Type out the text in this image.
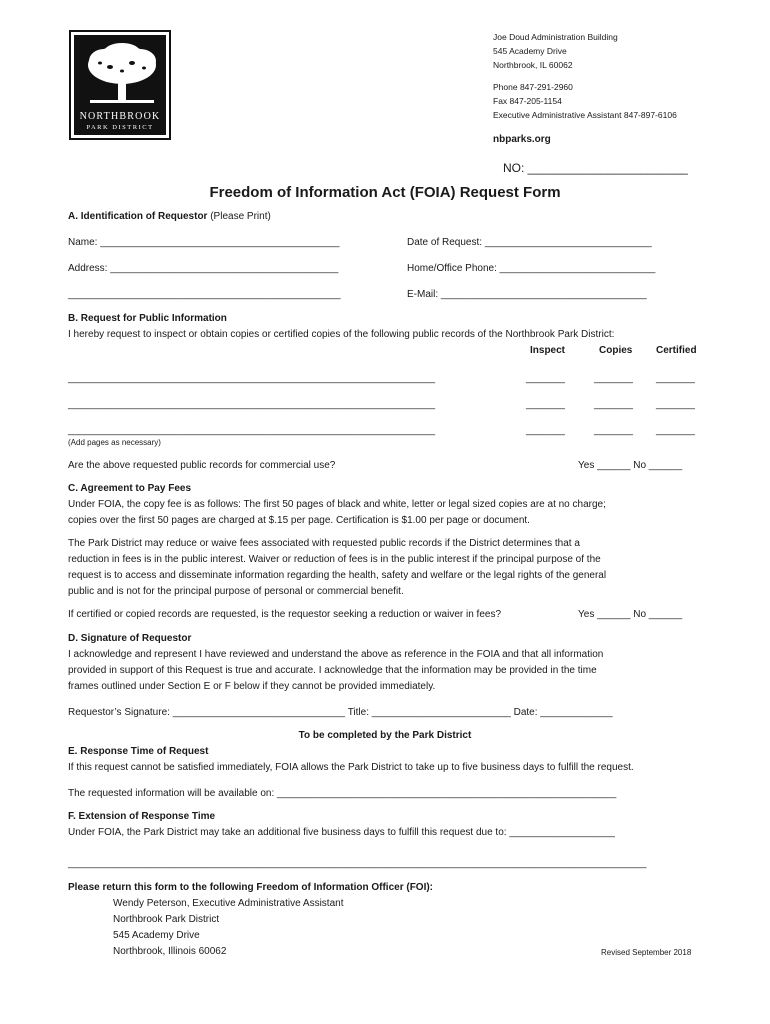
NORTHBROOK
PARK DISTRICT
Joe Doud Administration Building
545 Academy Drive
Northbrook, IL 60062
Phone 847-291-2960
Fax 847-205-1154
Executive Administrative Assistant 847-897-6106
nbparks.org
NO: ________________________
Freedom of Information Act (FOIA) Request Form
A. Identification of Requestor (Please Print)
Name: ___________________________________________	Date of Request: ______________________________
Address: _________________________________________	Home/Office Phone: ____________________________
_________________________________________________	E-Mail: _____________________________________
B. Request for Public Information
I hereby request to inspect or obtain copies or certified copies of the following public records of the Northbrook Park District:
Inspect	Copies Certified
__________________________________________________________________	_______	_______ _______
__________________________________________________________________	_______	_______ _______
__________________________________________________________________	_______	_______ _______
(Add pages as necessary)
Are the above requested public records for commercial use?	Yes ______ No ______
C. Agreement to Pay Fees
Under FOIA, the copy fee is as follows: The first 50 pages of black and white, letter or legal sized copies are at no charge;
copies over the first 50 pages are charged at $.15 per page. Certification is $1.00 per page or document.
The Park District may reduce or waive fees associated with requested public records if the District determines that a
reduction in fees is in the public interest. Waiver or reduction of fees is in the public interest if the principal purpose of the
request is to access and disseminate information regarding the health, safety and welfare or the legal rights of the general
public and is not for the principal purpose of personal or commercial benefit.
If certified or copied records are requested, is the requestor seeking a reduction or waiver in fees?	Yes ______ No ______
D. Signature of Requestor
I acknowledge and represent I have reviewed and understand the above as reference in the FOIA and that all information
provided in support of this Request is true and accurate. I acknowledge that the information may be provided in the time
frames outlined under Section E or F below if they cannot be provided immediately.
Requestor’s Signature: _______________________________ Title: _________________________ Date: _____________
To be completed by the Park District
E. Response Time of Request
If this request cannot be satisfied immediately, FOIA allows the Park District to take up to five business days to fulfill the request.
The requested information will be available on: _____________________________________________________________
F. Extension of Response Time
Under FOIA, the Park District may take an additional five business days to fulfill this request due to: ___________________
________________________________________________________________________________________________________
Please return this form to the following Freedom of Information Officer (FOI):
Wendy Peterson, Executive Administrative Assistant
Northbrook Park District
545 Academy Drive
Northbrook, Illinois 60062	Revised September 2018
